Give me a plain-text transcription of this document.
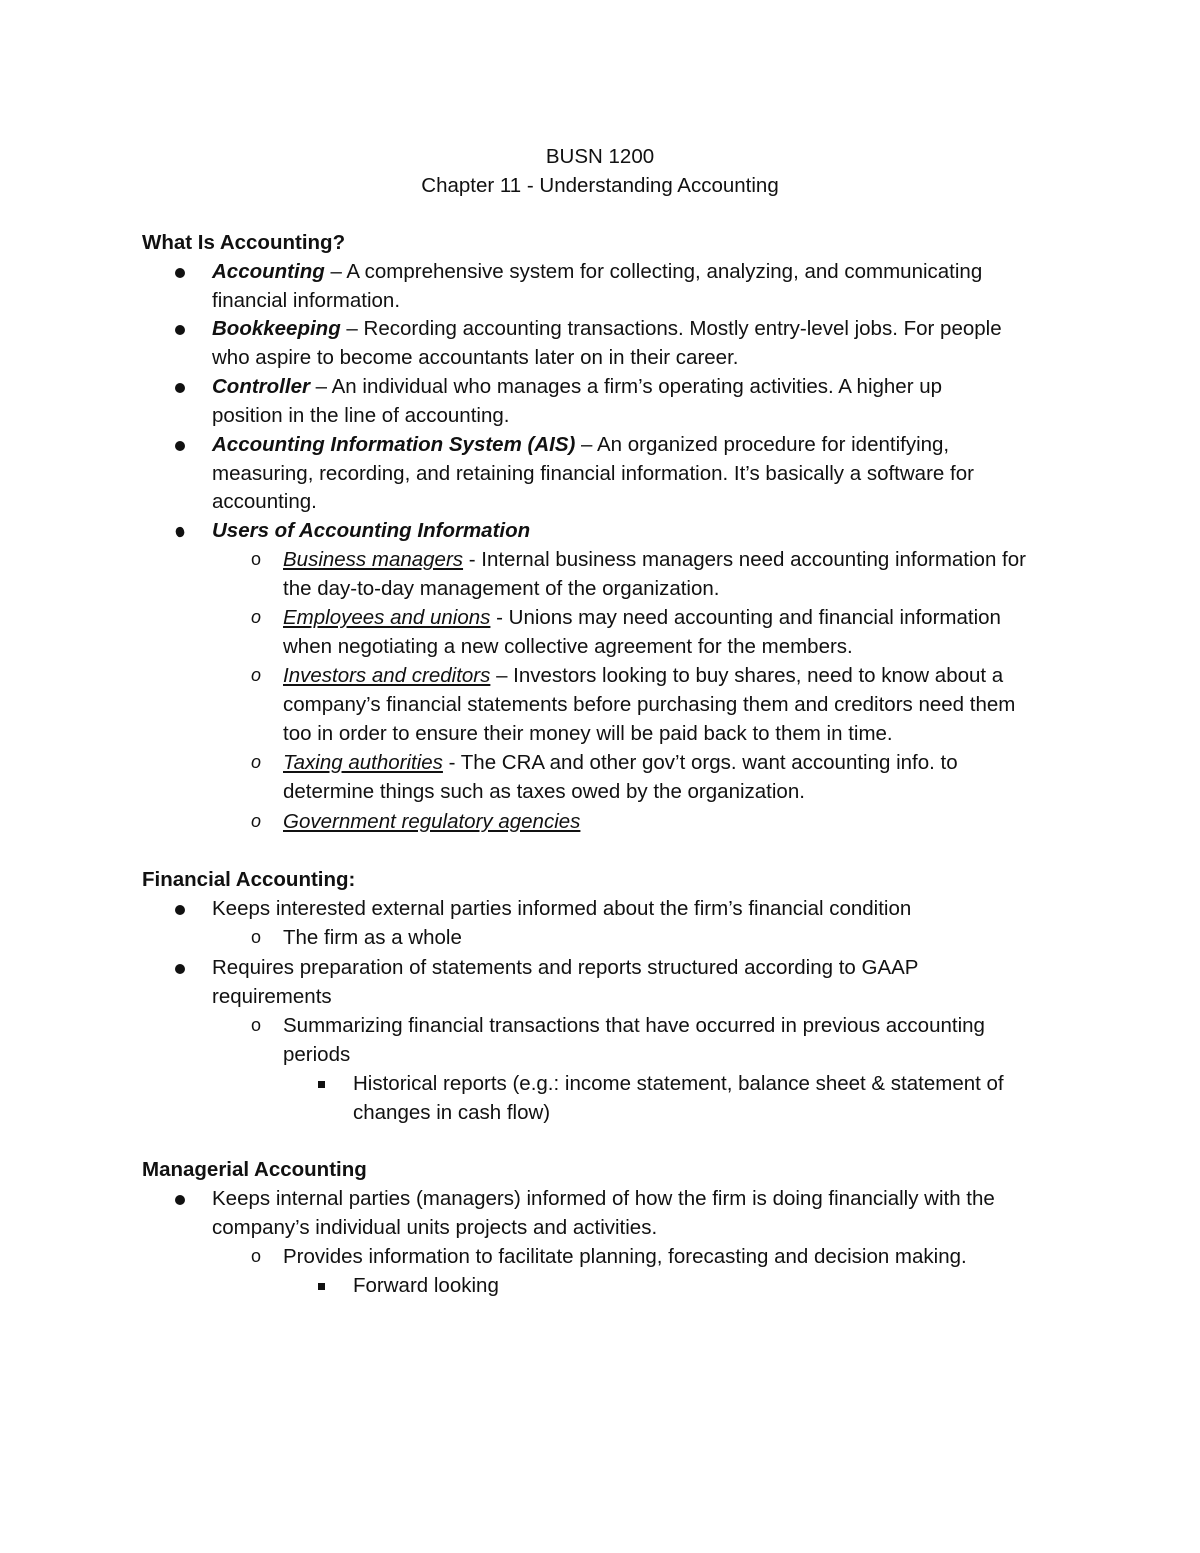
BUSN 1200
Chapter 11 - Understanding Accounting
What Is Accounting?
Accounting – A comprehensive system for collecting, analyzing, and communicating
financial information.
Bookkeeping – Recording accounting transactions. Mostly entry-level jobs. For people
who aspire to become accountants later on in their career.
Controller – An individual who manages a firm’s operating activities. A higher up
position in the line of accounting.
Accounting Information System (AIS) – An organized procedure for identifying,
measuring, recording, and retaining financial information. It’s basically a software for
accounting.
Users of Accounting Information
o Business managers - Internal business managers need accounting information for
the day-to-day management of the organization.
o Employees and unions - Unions may need accounting and financial information
when negotiating a new collective agreement for the members.
o Investors and creditors – Investors looking to buy shares, need to know about a
company’s financial statements before purchasing them and creditors need them
too in order to ensure their money will be paid back to them in time.
o Taxing authorities - The CRA and other gov’t orgs. want accounting info. to
determine things such as taxes owed by the organization.
o Government regulatory agencies
Financial Accounting:
Keeps interested external parties informed about the firm’s financial condition
o The firm as a whole
Requires preparation of statements and reports structured according to GAAP
requirements
o Summarizing financial transactions that have occurred in previous accounting
periods
Historical reports (e.g.: income statement, balance sheet & statement of
changes in cash flow)
Managerial Accounting
Keeps internal parties (managers) informed of how the firm is doing financially with the
company’s individual units projects and activities.
o Provides information to facilitate planning, forecasting and decision making.
Forward looking
